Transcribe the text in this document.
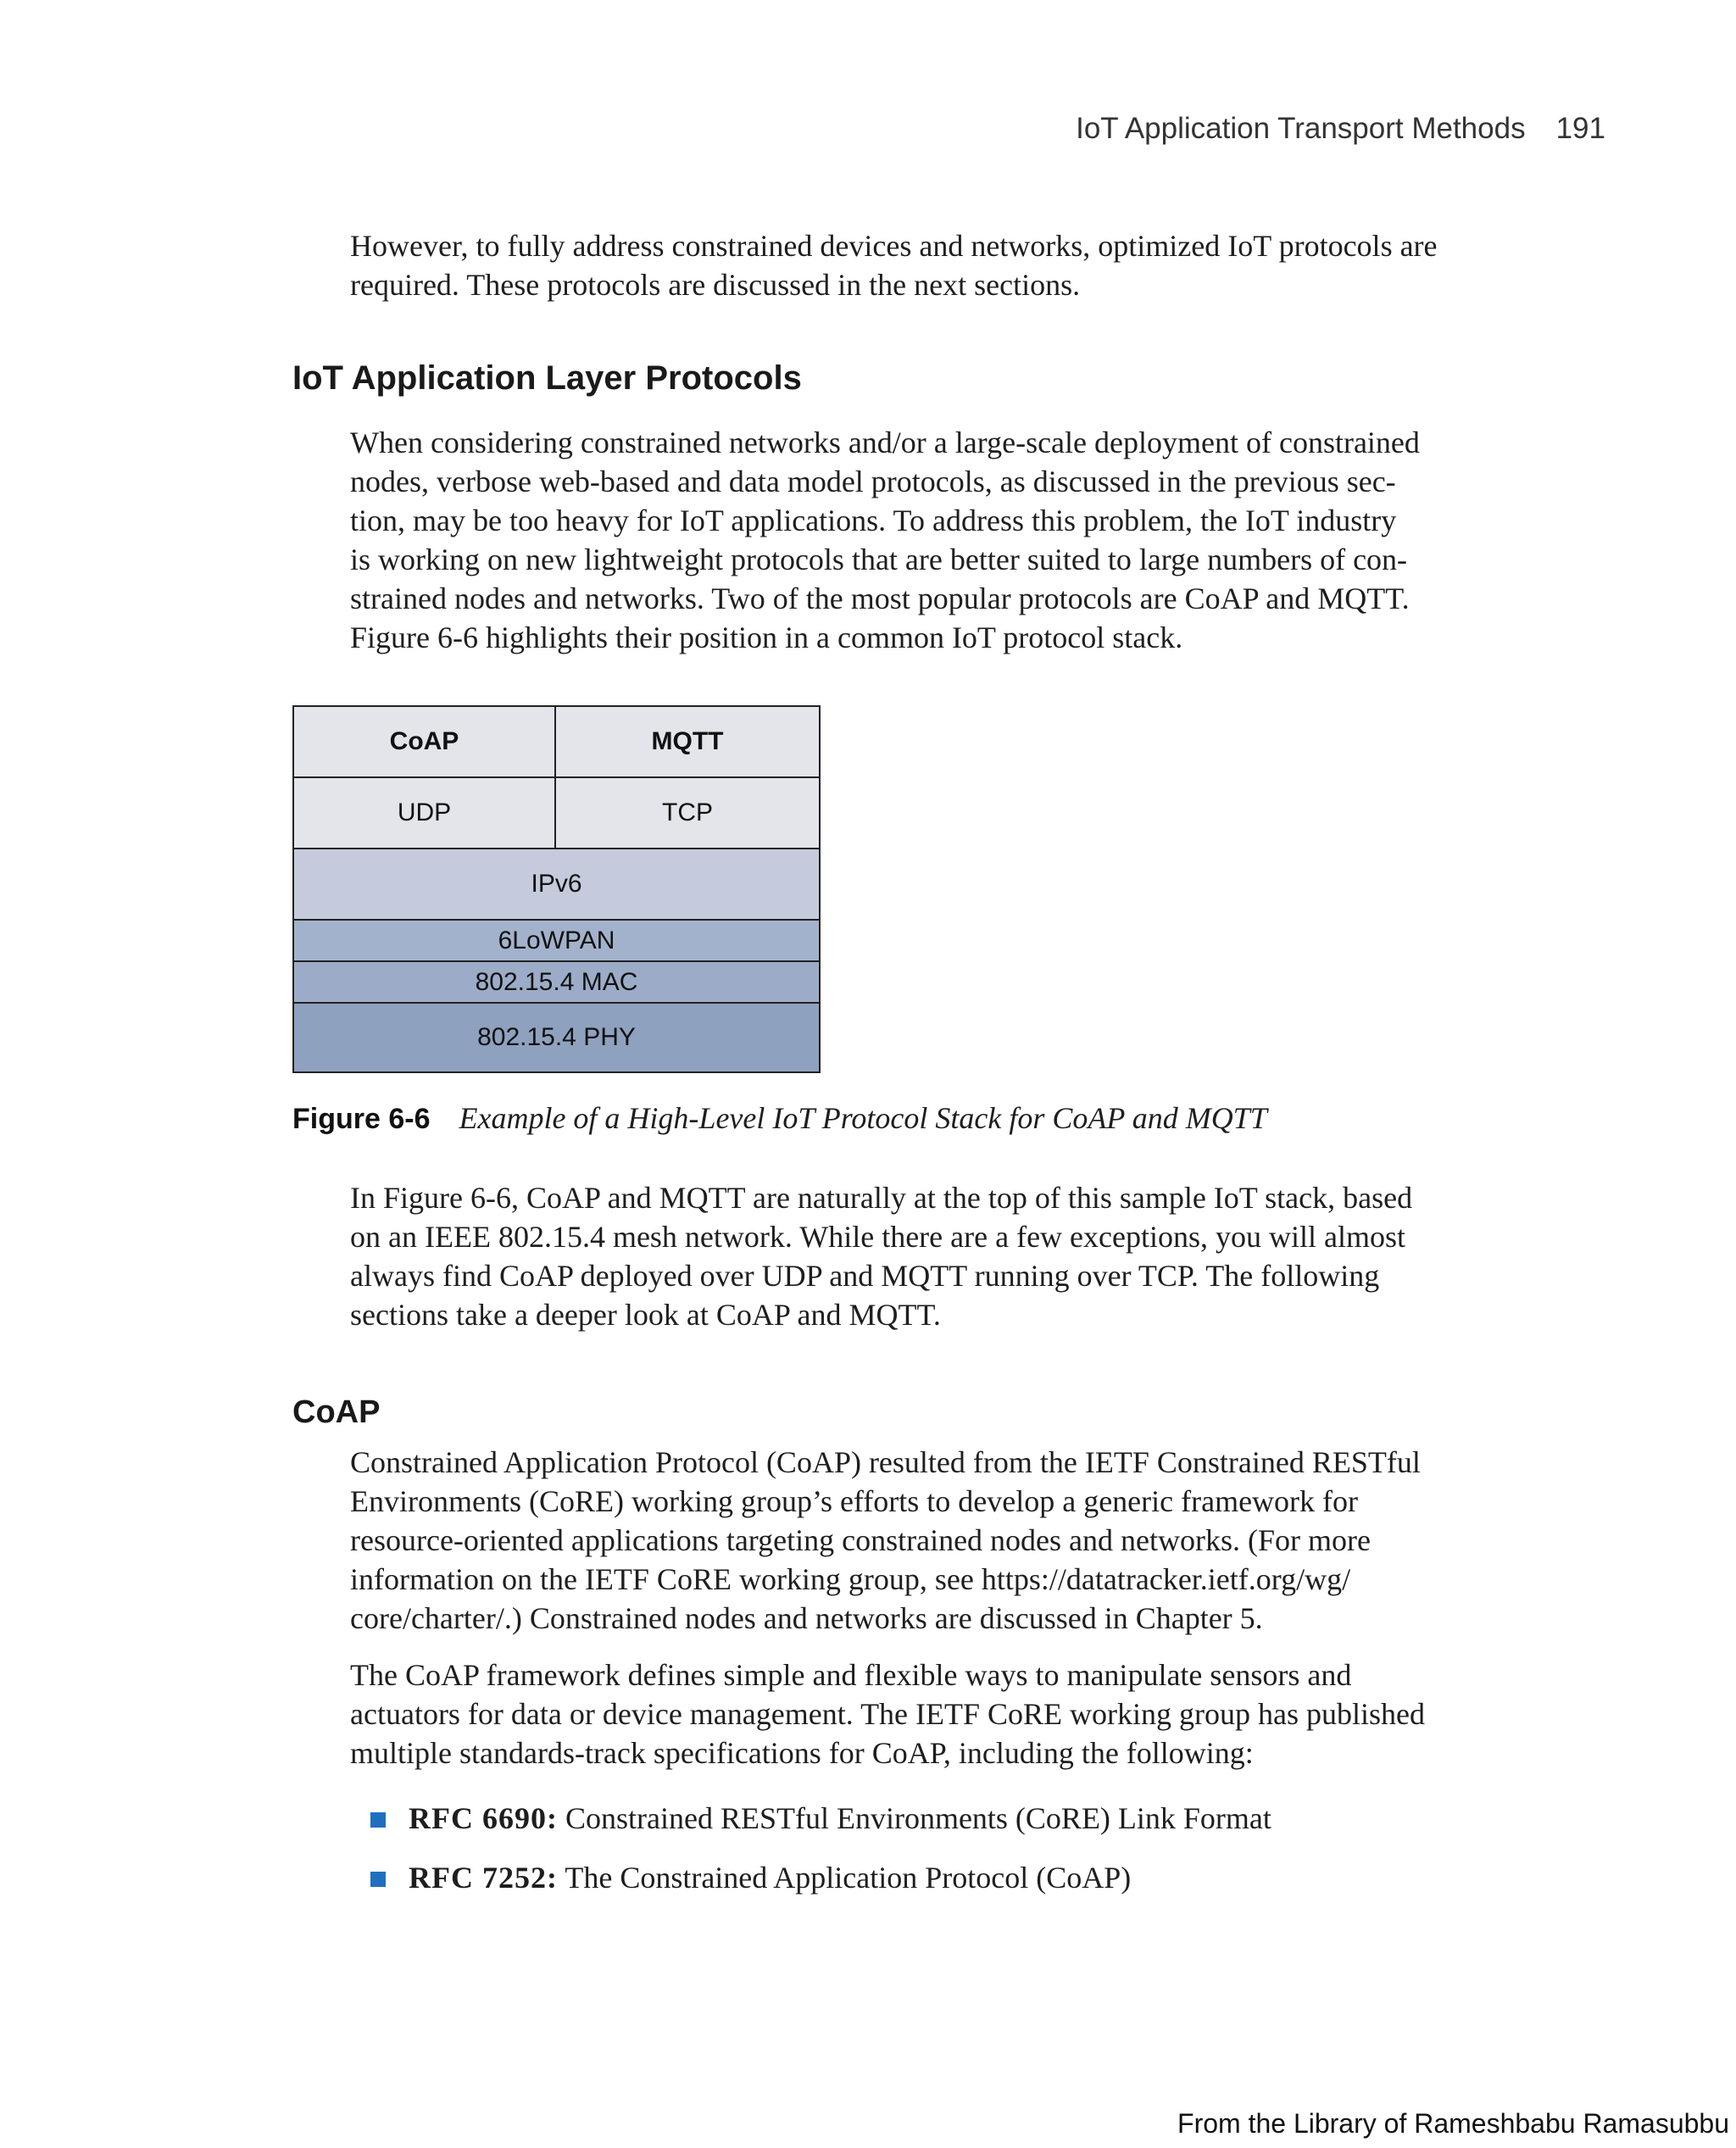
IoT Application Transport Methods 191

However, to fully address constrained devices and networks, optimized IoT protocols are
required. These protocols are discussed in the next sections.

IoT Application Layer Protocols

When considering constrained networks and/or a large-scale deployment of constrained
nodes, verbose web-based and data model protocols, as discussed in the previous sec-
tion, may be too heavy for IoT applications. To address this problem, the IoT industry
is working on new lightweight protocols that are better suited to large numbers of con-
strained nodes and networks. Two of the most popular protocols are CoAP and MQTT.
Figure 6-6 highlights their position in a common IoT protocol stack.

CoAP	MQTT
UDP	TCP
IPv6
6LoWPAN
802.15.4 MAC
802.15.4 PHY
Figure 6-6 Example of a High-Level IoT Protocol Stack for CoAP and MQTT

In Figure 6-6, CoAP and MQTT are naturally at the top of this sample IoT stack, based
on an IEEE 802.15.4 mesh network. While there are a few exceptions, you will almost
always find CoAP deployed over UDP and MQTT running over TCP. The following
sections take a deeper look at CoAP and MQTT.

CoAP

Constrained Application Protocol (CoAP) resulted from the IETF Constrained RESTful
Environments (CoRE) working group’s efforts to develop a generic framework for
resource-oriented applications targeting constrained nodes and networks. (For more
information on the IETF CoRE working group, see https://datatracker.ietf.org/wg/
core/charter/.) Constrained nodes and networks are discussed in Chapter 5.

The CoAP framework defines simple and flexible ways to manipulate sensors and
actuators for data or device management. The IETF CoRE working group has published
multiple standards-track specifications for CoAP, including the following:

RFC 6690: Constrained RESTful Environments (CoRE) Link Format
RFC 7252: The Constrained Application Protocol (CoAP)
From the Library of Rameshbabu Ramasubbu
